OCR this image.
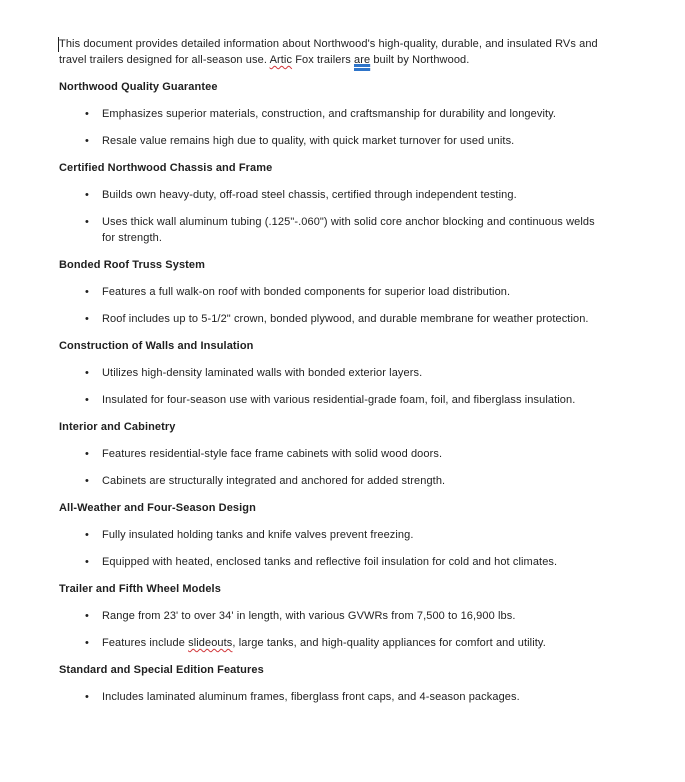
This document provides detailed information about Northwood's high-quality, durable, and insulated RVs and
travel trailers designed for all-season use. Artic Fox trailers are built by Northwood.

Northwood Quality Guarantee
• Emphasizes superior materials, construction, and craftsmanship for durability and longevity.
• Resale value remains high due to quality, with quick market turnover for used units.
Certified Northwood Chassis and Frame
• Builds own heavy-duty, off-road steel chassis, certified through independent testing.
• Uses thick wall aluminum tubing (.125"-.060") with solid core anchor blocking and continuous welds
for strength.
Bonded Roof Truss System
• Features a full walk-on roof with bonded components for superior load distribution.
• Roof includes up to 5-1/2" crown, bonded plywood, and durable membrane for weather protection.
Construction of Walls and Insulation
• Utilizes high-density laminated walls with bonded exterior layers.
• Insulated for four-season use with various residential-grade foam, foil, and fiberglass insulation.
Interior and Cabinetry
• Features residential-style face frame cabinets with solid wood doors.
• Cabinets are structurally integrated and anchored for added strength.
All-Weather and Four-Season Design
• Fully insulated holding tanks and knife valves prevent freezing.
• Equipped with heated, enclosed tanks and reflective foil insulation for cold and hot climates.
Trailer and Fifth Wheel Models
• Range from 23' to over 34' in length, with various GVWRs from 7,500 to 16,900 lbs.
• Features include slideouts, large tanks, and high-quality appliances for comfort and utility.
Standard and Special Edition Features
• Includes laminated aluminum frames, fiberglass front caps, and 4-season packages.
